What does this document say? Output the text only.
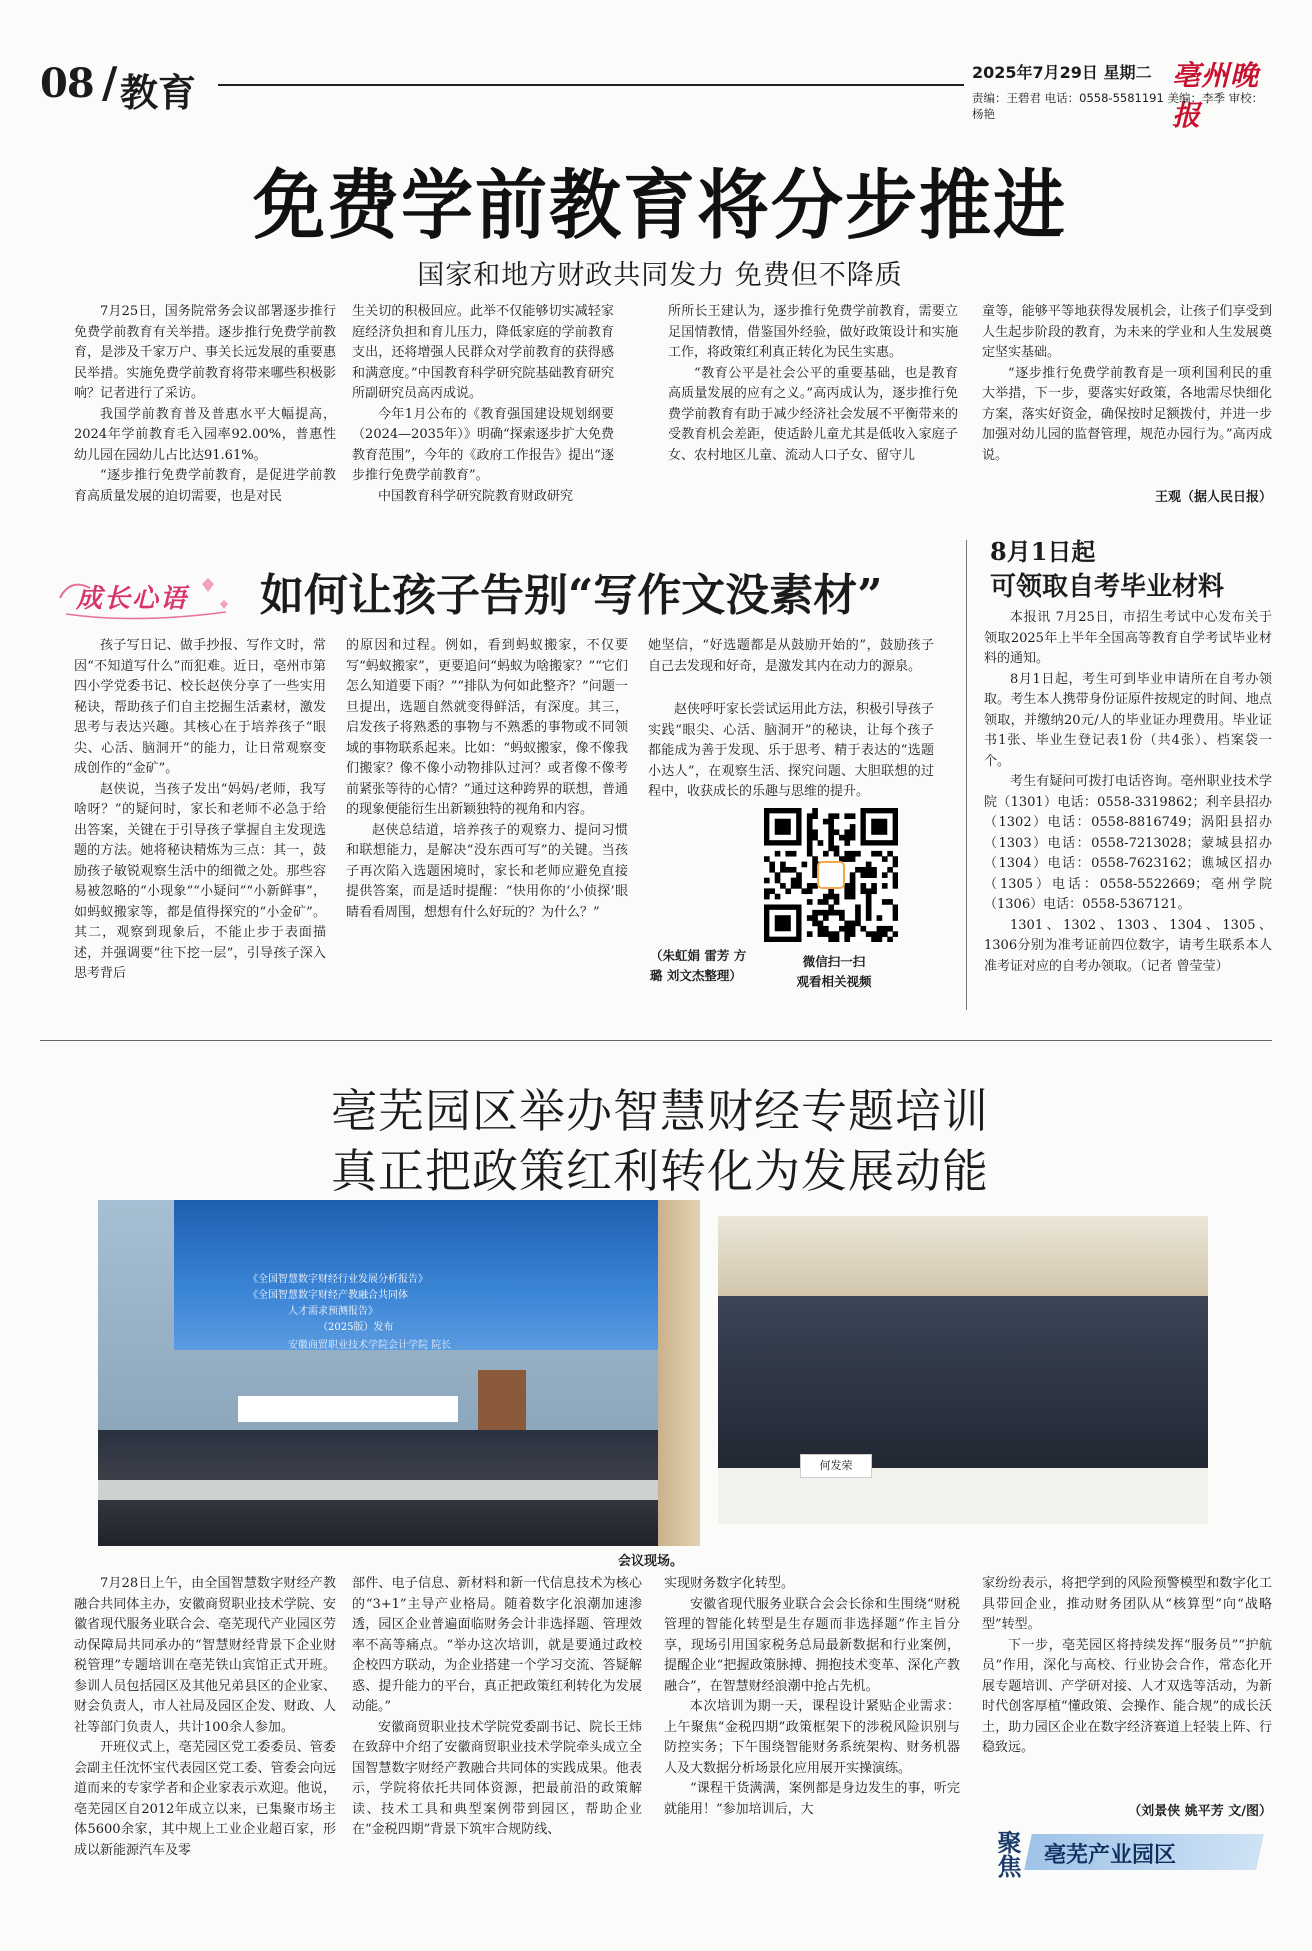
08 / 教育	2025年7月29日 星期二 亳州晚报
责编：王碧君 电话：0558-5581191 美编：李季 审校：杨艳
免费学前教育将分步推进
国家和地方财政共同发力 免费但不降质

7月25日，国务院常务会议部署逐步推行免费学前教育有关举措。逐步推行免费学前教育，是涉及千家万户、事关长远发展的重要惠民举措。实施免费学前教育将带来哪些积极影响？记者进行了采访。

我国学前教育普及普惠水平大幅提高，2024年学前教育毛入园率92.00%，普惠性幼儿园在园幼儿占比达91.61%。

“逐步推行免费学前教育，是促进学前教育高质量发展的迫切需要，也是对民

生关切的积极回应。此举不仅能够切实减轻家庭经济负担和育儿压力，降低家庭的学前教育支出，还将增强人民群众对学前教育的获得感和满意度。”中国教育科学研究院基础教育研究所副研究员高丙成说。

今年1月公布的《教育强国建设规划纲要（2024—2035年）》明确“探索逐步扩大免费教育范围”，今年的《政府工作报告》提出“逐步推行免费学前教育”。

中国教育科学研究院教育财政研究

所所长王建认为，逐步推行免费学前教育，需要立足国情教情，借鉴国外经验，做好政策设计和实施工作，将政策红利真正转化为民生实惠。

“教育公平是社会公平的重要基础，也是教育高质量发展的应有之义。”高丙成认为，逐步推行免费学前教育有助于减少经济社会发展不平衡带来的受教育机会差距，使适龄儿童尤其是低收入家庭子女、农村地区儿童、流动人口子女、留守儿

童等，能够平等地获得发展机会，让孩子们享受到人生起步阶段的教育，为未来的学业和人生发展奠定坚实基础。

“逐步推行免费学前教育是一项利国利民的重大举措，下一步，要落实好政策，各地需尽快细化方案，落实好资金，确保按时足额拨付，并进一步加强对幼儿园的监督管理，规范办园行为。”高丙成说。

王观（据人民日报）
成长心语 如何让孩子告别“写作文没素材”

孩子写日记、做手抄报、写作文时，常因“不知道写什么”而犯难。近日，亳州市第四小学党委书记、校长赵侠分享了一些实用秘诀，帮助孩子们自主挖掘生活素材，激发思考与表达兴趣。其核心在于培养孩子“眼尖、心活、脑洞开”的能力，让日常观察变成创作的“金矿”。

赵侠说，当孩子发出“妈妈/老师，我写啥呀？”的疑问时，家长和老师不必急于给出答案，关键在于引导孩子掌握自主发现选题的方法。她将秘诀精炼为三点：其一，鼓励孩子敏锐观察生活中的细微之处。那些容易被忽略的“小现象”“小疑问”“小新鲜事”，如蚂蚁搬家等，都是值得探究的“小金矿”。其二，观察到现象后，不能止步于表面描述，并强调要“往下挖一层”，引导孩子深入思考背后

的原因和过程。例如，看到蚂蚁搬家，不仅要写“蚂蚁搬家”，更要追问“蚂蚁为啥搬家？”“它们怎么知道要下雨？”“排队为何如此整齐？”问题一旦提出，选题自然就变得鲜活，有深度。其三，启发孩子将熟悉的事物与不熟悉的事物或不同领域的事物联系起来。比如：“蚂蚁搬家，像不像我们搬家？像不像小动物排队过河？或者像不像考前紧张等待的心情？”通过这种跨界的联想，普通的现象便能衍生出新颖独特的视角和内容。

赵侠总结道，培养孩子的观察力、提问习惯和联想能力，是解决“没东西可写”的关键。当孩子再次陷入选题困境时，家长和老师应避免直接提供答案，而是适时提醒：“快用你的‘小侦探’眼睛看看周围，想想有什么好玩的？为什么？”

她坚信，“好选题都是从鼓励开始的”，鼓励孩子自己去发现和好奇，是激发其内在动力的源泉。

赵侠呼吁家长尝试运用此方法，积极引导孩子实践“眼尖、心活、脑洞开”的秘诀，让每个孩子都能成为善于发现、乐于思考、精于表达的“选题小达人”，在观察生活、探究问题、大胆联想的过程中，收获成长的乐趣与思维的提升。

（朱虹娟 雷芳 方璐 刘文杰整理）
微信扫一扫
观看相关视频
8月1日起
可领取自考毕业材料

本报讯 7月25日，市招生考试中心发布关于领取2025年上半年全国高等教育自学考试毕业材料的通知。

8月1日起，考生可到毕业申请所在自考办领取。考生本人携带身份证原件按规定的时间、地点领取，并缴纳20元/人的毕业证办理费用。毕业证书1张、毕业生登记表1份（共4张）、档案袋一个。

考生有疑问可拨打电话咨询。亳州职业技术学院（1301）电话：0558-3319862；利辛县招办（1302）电话：0558-8816749；涡阳县招办（1303）电话：0558-7213028；蒙城县招办（1304）电话：0558-7623162；谯城区招办（1305）电话：0558-5522669；亳州学院（1306）电话：0558-5367121。

1301、1302、1303、1304、1305、1306分别为准考证前四位数字，请考生联系本人准考证对应的自考办领取。（记者 曾莹莹）

亳芜园区举办智慧财经专题培训
真正把政策红利转化为发展动能
《全国智慧数字财经行业发展分析报告》
《全国智慧数字财经产教融合共同体
人才需求预测报告》
（2025版）发布
安徽商贸职业技术学院会计学院 院长
何发荣
会议现场。

7月28日上午，由全国智慧数字财经产教融合共同体主办，安徽商贸职业技术学院、安徽省现代服务业联合会、亳芜现代产业园区劳动保障局共同承办的“智慧财经背景下企业财税管理”专题培训在亳芜铁山宾馆正式开班。参训人员包括园区及其他兄弟县区的企业家、财会负责人，市人社局及园区企发、财政、人社等部门负责人，共计100余人参加。

开班仪式上，亳芜园区党工委委员、管委会副主任沈怀宝代表园区党工委、管委会向远道而来的专家学者和企业家表示欢迎。他说，亳芜园区自2012年成立以来，已集聚市场主体5600余家，其中规上工业企业超百家，形成以新能源汽车及零

部件、电子信息、新材料和新一代信息技术为核心的“3+1”主导产业格局。随着数字化浪潮加速渗透，园区企业普遍面临财务会计非选择题、管理效率不高等痛点。“举办这次培训，就是要通过政校企校四方联动，为企业搭建一个学习交流、答疑解惑、提升能力的平台，真正把政策红利转化为发展动能。”

安徽商贸职业技术学院党委副书记、院长王炜在致辞中介绍了安徽商贸职业技术学院牵头成立全国智慧数字财经产教融合共同体的实践成果。他表示，学院将依托共同体资源，把最前沿的政策解读、技术工具和典型案例带到园区，帮助企业在“金税四期”背景下筑牢合规防线、

实现财务数字化转型。

安徽省现代服务业联合会会长徐和生围绕“财税管理的智能化转型是生存题而非选择题”作主旨分享，现场引用国家税务总局最新数据和行业案例，提醒企业“把握政策脉搏、拥抱技术变革、深化产教融合”，在智慧财经浪潮中抢占先机。

本次培训为期一天，课程设计紧贴企业需求：上午聚焦“金税四期”政策框架下的涉税风险识别与防控实务；下午围绕智能财务系统架构、财务机器人及大数据分析场景化应用展开实操演练。

“课程干货满满，案例都是身边发生的事，听完就能用！”参加培训后，大

家纷纷表示，将把学到的风险预警模型和数字化工具带回企业，推动财务团队从“核算型”向“战略型”转型。

下一步，亳芜园区将持续发挥“服务员”“护航员”作用，深化与高校、行业协会合作，常态化开展专题培训、产学研对接、人才双选等活动，为新时代创客厚植“懂政策、会操作、能合规”的成长沃土，助力园区企业在数字经济赛道上轻装上阵、行稳致远。

（刘景侠 姚平芳 文/图）
聚焦 亳芜产业园区
